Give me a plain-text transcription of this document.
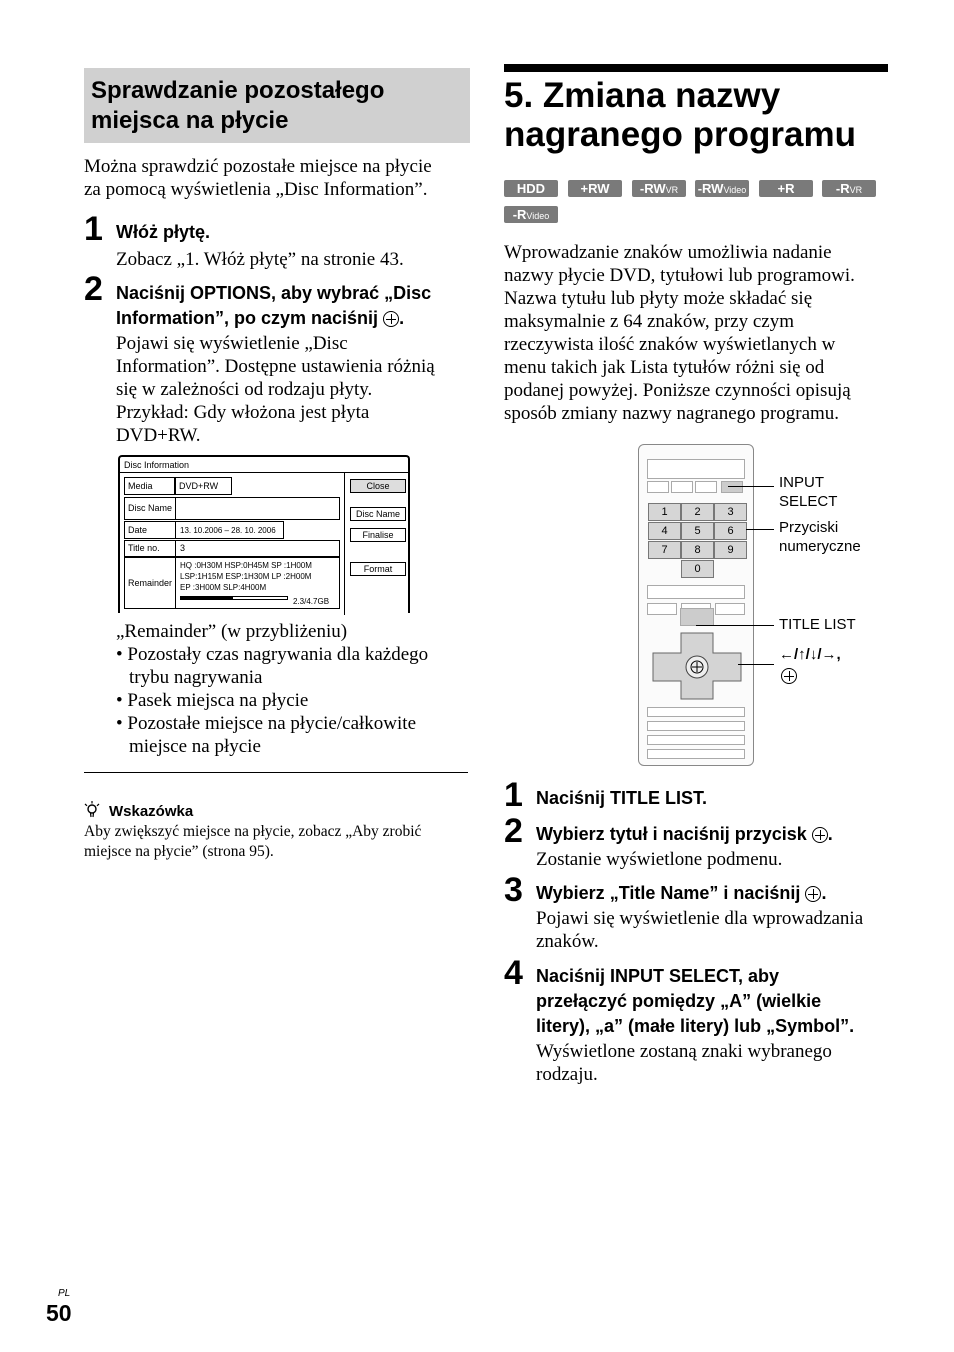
Sprawdzanie pozostałego
miejsca na płycie
Można sprawdzić pozostałe miejsce na płycie
za pomocą wyświetlenia „Disc Information”.
1 Włóż płytę.
Zobacz „1. Włóż płytę” na stronie 43.
2 Naciśnij OPTIONS, aby wybrać „Disc
Information”, po czym naciśnij .
Pojawi się wyświetlenie „Disc
Information”. Dostępne ustawienia różnią
się w zależności od rodzaju płyty.
Przykład: Gdy włożona jest płyta
DVD+RW.
Disc Information
Media	DVD+RW
Disc Name
Date	13. 10.2006 – 28. 10. 2006
Title no. 3
Remainder
HQ :0H30M HSP:0H45M SP :1H00M
LSP:1H15M ESP:1H30M LP :2H00M
EP :3H00M SLP:4H00M
2.3/4.7GB
Close
Disc Name
Finalise
Format
„Remainder” (w przybliżeniu)
• Pozostały czas nagrywania dla każdego
trybu nagrywania
• Pasek miejsca na płycie
• Pozostałe miejsce na płycie/całkowite
miejsce na płycie
Wskazówka
Aby zwiększyć miejsce na płycie, zobacz „Aby zrobić
miejsce na płycie” (strona 95).
5. Zmiana nazwy
nagranego programu
HDD	+RW	-RWVR	-RWVideo	+R	-RVR
-RVideo
Wprowadzanie znaków umożliwia nadanie
nazwy płycie DVD, tytułowi lub programowi.
Nazwa tytułu lub płyty może składać się
maksymalnie z 64 znaków, przy czym
rzeczywista ilość znaków wyświetlanych w
menu takich jak Lista tytułów różni się od
podanej powyżej. Poniższe czynności opisują
sposób zmiany nazwy nagranego programu.
1	2	3
4	5	6
7	8	9
0
INPUT
SELECT
Przyciski
numeryczne
TITLE LIST
←/↑/↓/→,
1 Naciśnij TITLE LIST.
2 Wybierz tytuł i naciśnij przycisk .
Zostanie wyświetlone podmenu.
3 Wybierz „Title Name” i naciśnij .
Pojawi się wyświetlenie dla wprowadzania
znaków.
4 Naciśnij INPUT SELECT, aby
przełączyć pomiędzy „A” (wielkie
litery), „a” (małe litery) lub „Symbol”.
Wyświetlone zostaną znaki wybranego
rodzaju.
PL
50
